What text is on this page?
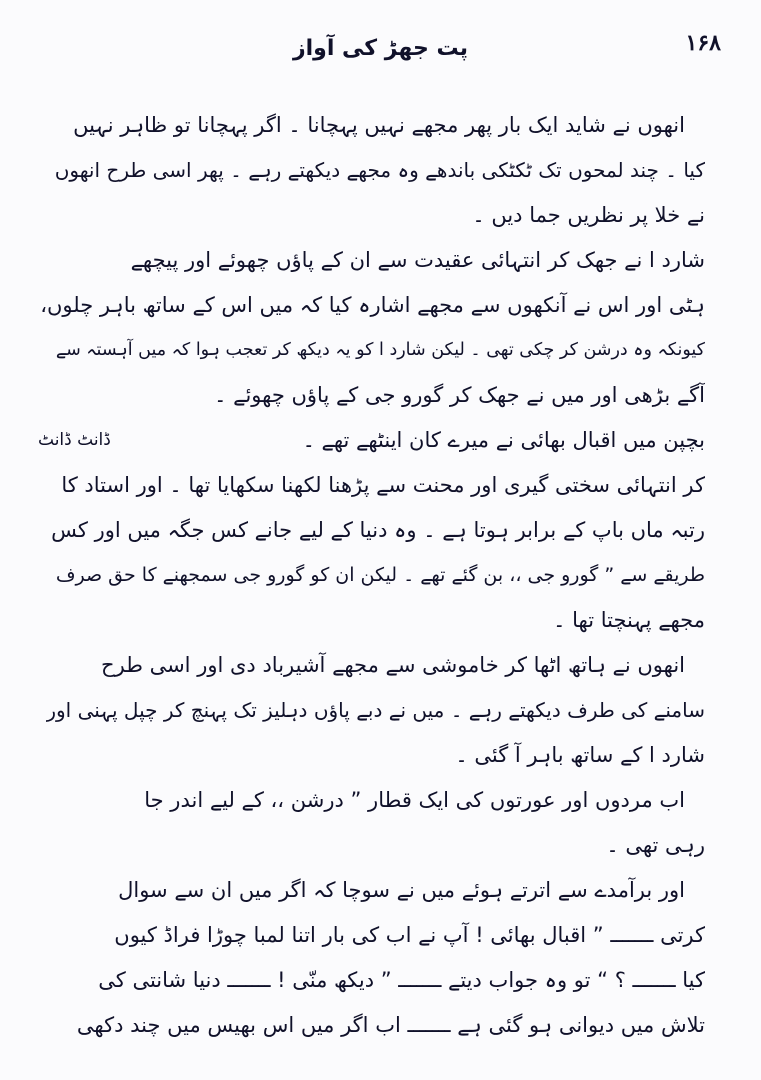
۱۶۸
پت جھڑ کی آواز
انھوں نے شاید ایک بار پھر مجھے نہیں پہچانا ۔ اگر پہچانا تو ظاہر نہیں
کیا ۔ چند لمحوں تک ٹکٹکی باندھے وہ مجھے دیکھتے رہے ۔ پھر اسی طرح انھوں
نے خلا پر نظریں جما دیں ۔
شارد ا نے جھک کر انتہائی عقیدت سے ان کے پاؤں چھوئے اور پیچھے
ہٹی اور اس نے آنکھوں سے مجھے اشارہ کیا کہ میں اس کے ساتھ باہر چلوں،
کیونکہ وہ درشن کر چکی تھی ۔ لیکن شارد ا کو یہ دیکھ کر تعجب ہوا کہ میں آہستہ سے
آگے بڑھی اور میں نے جھک کر گورو جی کے پاؤں چھوئے ۔
بچپن میں اقبال بھائی نے میرے کان اینٹھے تھے ۔
ڈانٹ ڈانٹ
کر انتہائی سختی گیری اور محنت سے پڑھنا لکھنا سکھایا تھا ۔ اور استاد کا
رتبہ ماں باپ کے برابر ہوتا ہے ۔ وہ دنیا کے لیے جانے کس جگہ میں اور کس
طریقے سے ” گورو جی ،، بن گئے تھے ۔ لیکن ان کو گورو جی سمجھنے کا حق صرف
مجھے پہنچتا تھا ۔
انھوں نے ہاتھ اٹھا کر خاموشی سے مجھے آشیرباد دی اور اسی طرح
سامنے کی طرف دیکھتے رہے ۔ میں نے دبے پاؤں دہلیز تک پہنچ کر چپل پہنی اور
شارد ا کے ساتھ باہر آ گئی ۔
اب مردوں اور عورتوں کی ایک قطار ” درشن ،، کے لیے اندر جا
رہی تھی ۔
اور برآمدے سے اترتے ہوئے میں نے سوچا کہ اگر میں ان سے سوال
کرتی ـــــــ ” اقبال بھائی ! آپ نے اب کی بار اتنا لمبا چوڑا فراڈ کیوں
کیا ـــــــ ؟ “ تو وہ جواب دیتے ـــــــ ” دیکھ منّی ! ـــــــ دنیا شانتی کی
تلاش میں دیوانی ہو گئی ہے ـــــــ اب اگر میں اس بھیس میں چند دکھی
